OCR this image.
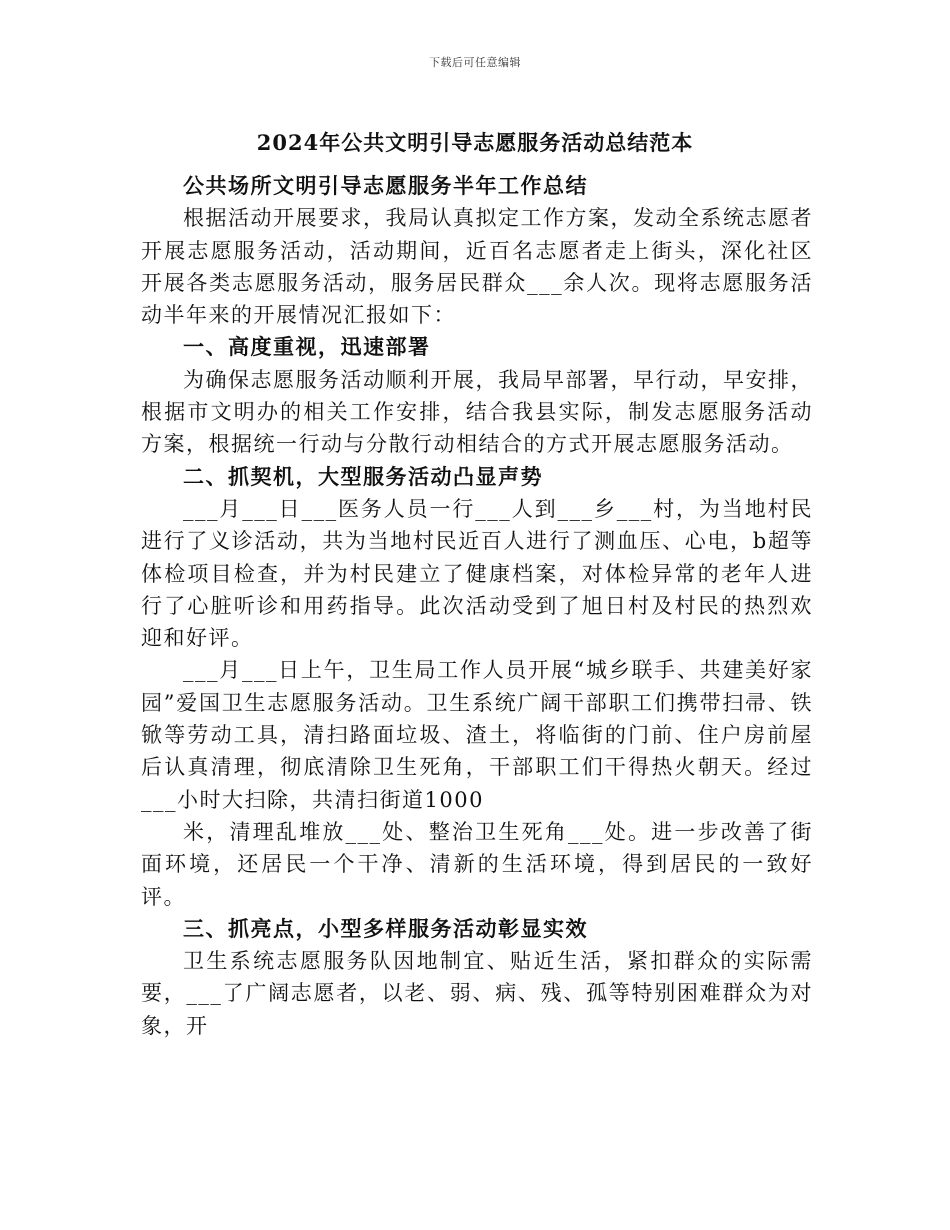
下载后可任意编辑
2024年公共文明引导志愿服务活动总结范本

公共场所文明引导志愿服务半年工作总结

根据活动开展要求，我局认真拟定工作方案，发动全系统志愿者开展志愿服务活动，活动期间，近百名志愿者走上街头，深化社区开展各类志愿服务活动，服务居民群众___余人次。现将志愿服务活动半年来的开展情况汇报如下：

一、高度重视，迅速部署

为确保志愿服务活动顺利开展，我局早部署，早行动，早安排，根据市文明办的相关工作安排，结合我县实际，制发志愿服务活动方案，根据统一行动与分散行动相结合的方式开展志愿服务活动。

二、抓契机，大型服务活动凸显声势

___月___日___医务人员一行___人到___乡___村，为当地村民进行了义诊活动，共为当地村民近百人进行了测血压、心电，b超等体检项目检查，并为村民建立了健康档案，对体检异常的老年人进行了心脏听诊和用药指导。此次活动受到了旭日村及村民的热烈欢迎和好评。

___月___日上午，卫生局工作人员开展“城乡联手、共建美好家园”爱国卫生志愿服务活动。卫生系统广阔干部职工们携带扫帚、铁锨等劳动工具，清扫路面垃圾、渣土，将临街的门前、住户房前屋后认真清理，彻底清除卫生死角，干部职工们干得热火朝天。经过___小时大扫除，共清扫街道1000

米，清理乱堆放___处、整治卫生死角___处。进一步改善了街面环境，还居民一个干净、清新的生活环境，得到居民的一致好评。

三、抓亮点，小型多样服务活动彰显实效

卫生系统志愿服务队因地制宜、贴近生活，紧扣群众的实际需要，___了广阔志愿者，以老、弱、病、残、孤等特别困难群众为对象，开
